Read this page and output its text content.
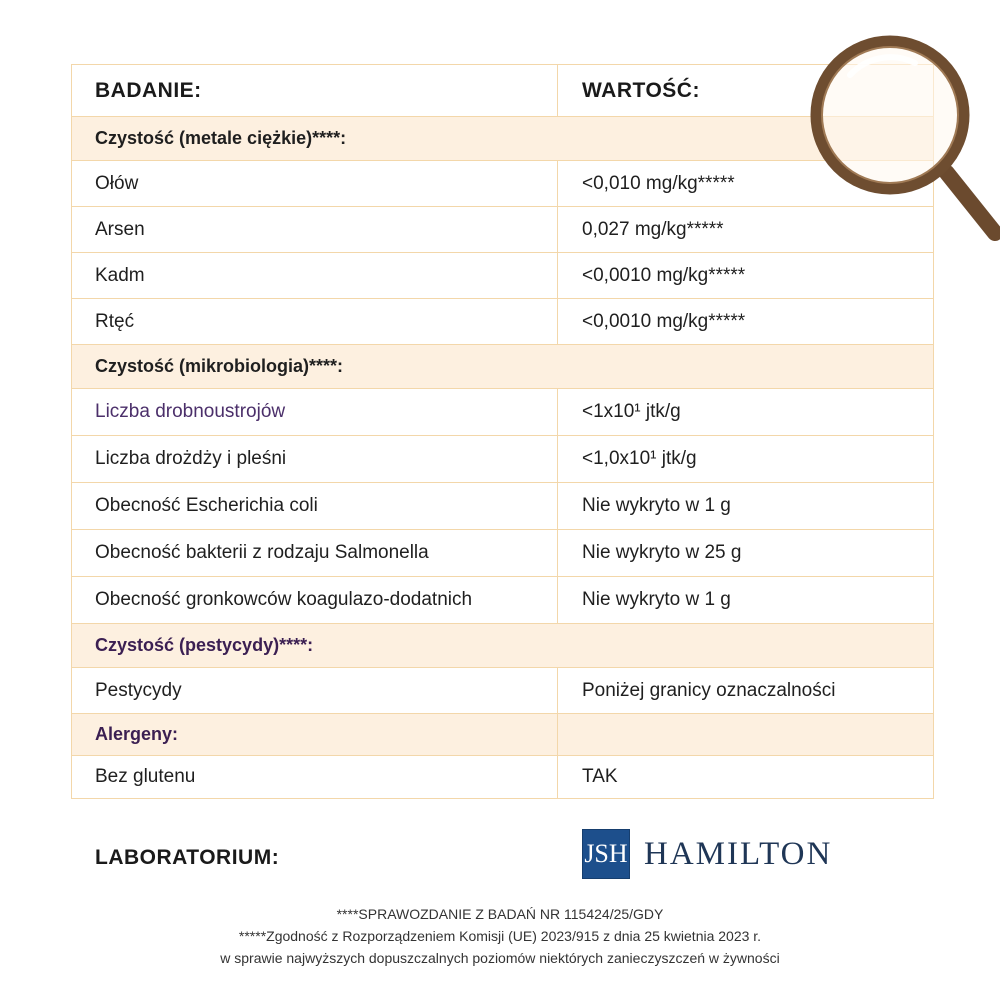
BADANIE:	WARTOŚĆ:
Czystość (metale ciężkie)****:
Ołów	<0,010 mg/kg*****
Arsen	0,027 mg/kg*****
Kadm	<0,0010 mg/kg*****
Rtęć	<0,0010 mg/kg*****
Czystość (mikrobiologia)****:
Liczba drobnoustrojów	<1x10¹ jtk/g
Liczba drożdży i pleśni	<1,0x10¹ jtk/g
Obecność Escherichia coli	Nie wykryto w 1 g
Obecność bakterii z rodzaju Salmonella	Nie wykryto w 25 g
Obecność gronkowców koagulazo-dodatnich	Nie wykryto w 1 g
Czystość (pestycydy)****:
Pestycydy	Poniżej granicy oznaczalności
Alergeny:
Bez glutenu	TAK
LABORATORIUM:	JSH HAMILTON
****SPRAWOZDANIE Z BADAŃ NR 115424/25/GDY
*****Zgodność z Rozporządzeniem Komisji (UE) 2023/915 z dnia 25 kwietnia 2023 r.
w sprawie najwyższych dopuszczalnych poziomów niektórych zanieczyszczeń w żywności
